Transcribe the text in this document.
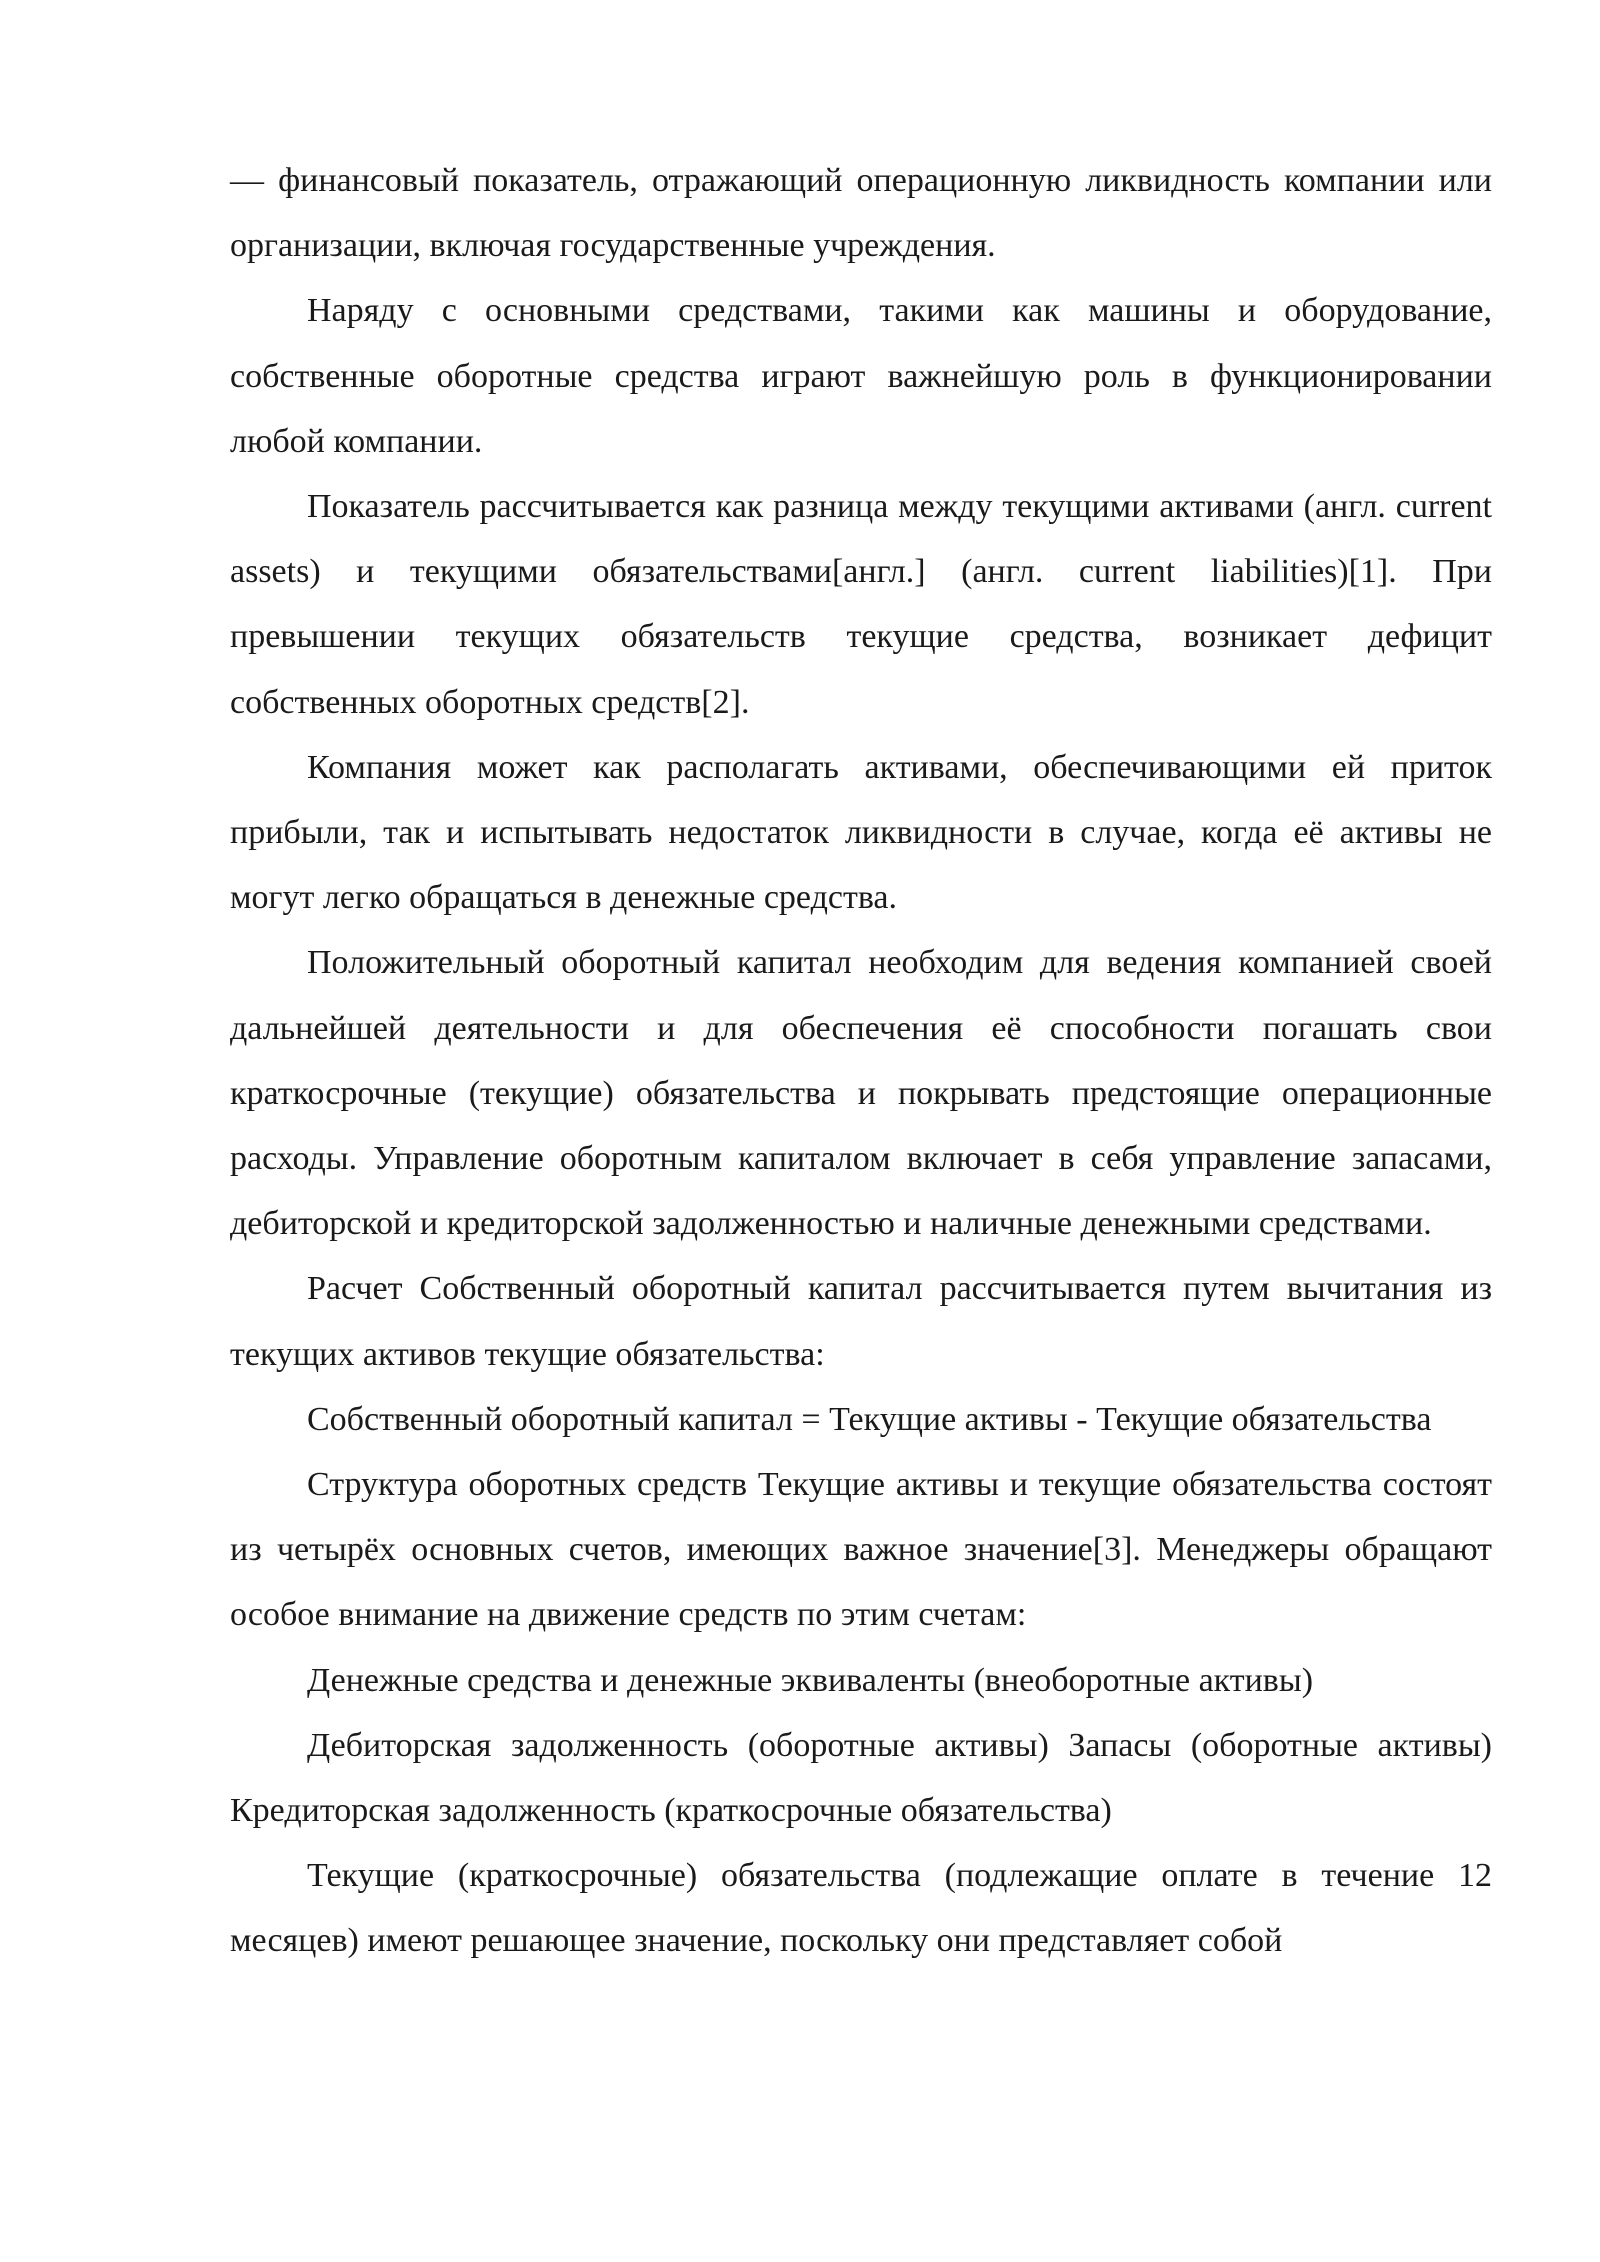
— финансовый показатель, отражающий операционную ликвидность компании или организации, включая государственные учреждения.

Наряду с основными средствами, такими как машины и оборудование, собственные оборотные средства играют важнейшую роль в функционировании любой компании.

Показатель рассчитывается как разница между текущими активами (англ. current assets) и текущими обязательствами[англ.] (англ. current liabilities)[1]. При превышении текущих обязательств текущие средства, возникает дефицит собственных оборотных средств[2].

Компания может как располагать активами, обеспечивающими ей приток прибыли, так и испытывать недостаток ликвидности в случае, когда её активы не могут легко обращаться в денежные средства.

Положительный оборотный капитал необходим для ведения компанией своей дальнейшей деятельности и для обеспечения её способности погашать свои краткосрочные (текущие) обязательства и покрывать предстоящие операционные расходы. Управление оборотным капиталом включает в себя управление запасами, дебиторской и кредиторской задолженностью и наличные денежными средствами.

Расчет Собственный оборотный капитал рассчитывается путем вычитания из текущих активов текущие обязательства:

Собственный оборотный капитал = Текущие активы - Текущие обязательства

Структура оборотных средств Текущие активы и текущие обязательства состоят из четырёх основных счетов, имеющих важное значение[3]. Менеджеры обращают особое внимание на движение средств по этим счетам:

Денежные средства и денежные эквиваленты (внеоборотные активы)

Дебиторская задолженность (оборотные активы) Запасы (оборотные активы) Кредиторская задолженность (краткосрочные обязательства)

Текущие (краткосрочные) обязательства (подлежащие оплате в течение 12 месяцев) имеют решающее значение, поскольку они представляет собой
